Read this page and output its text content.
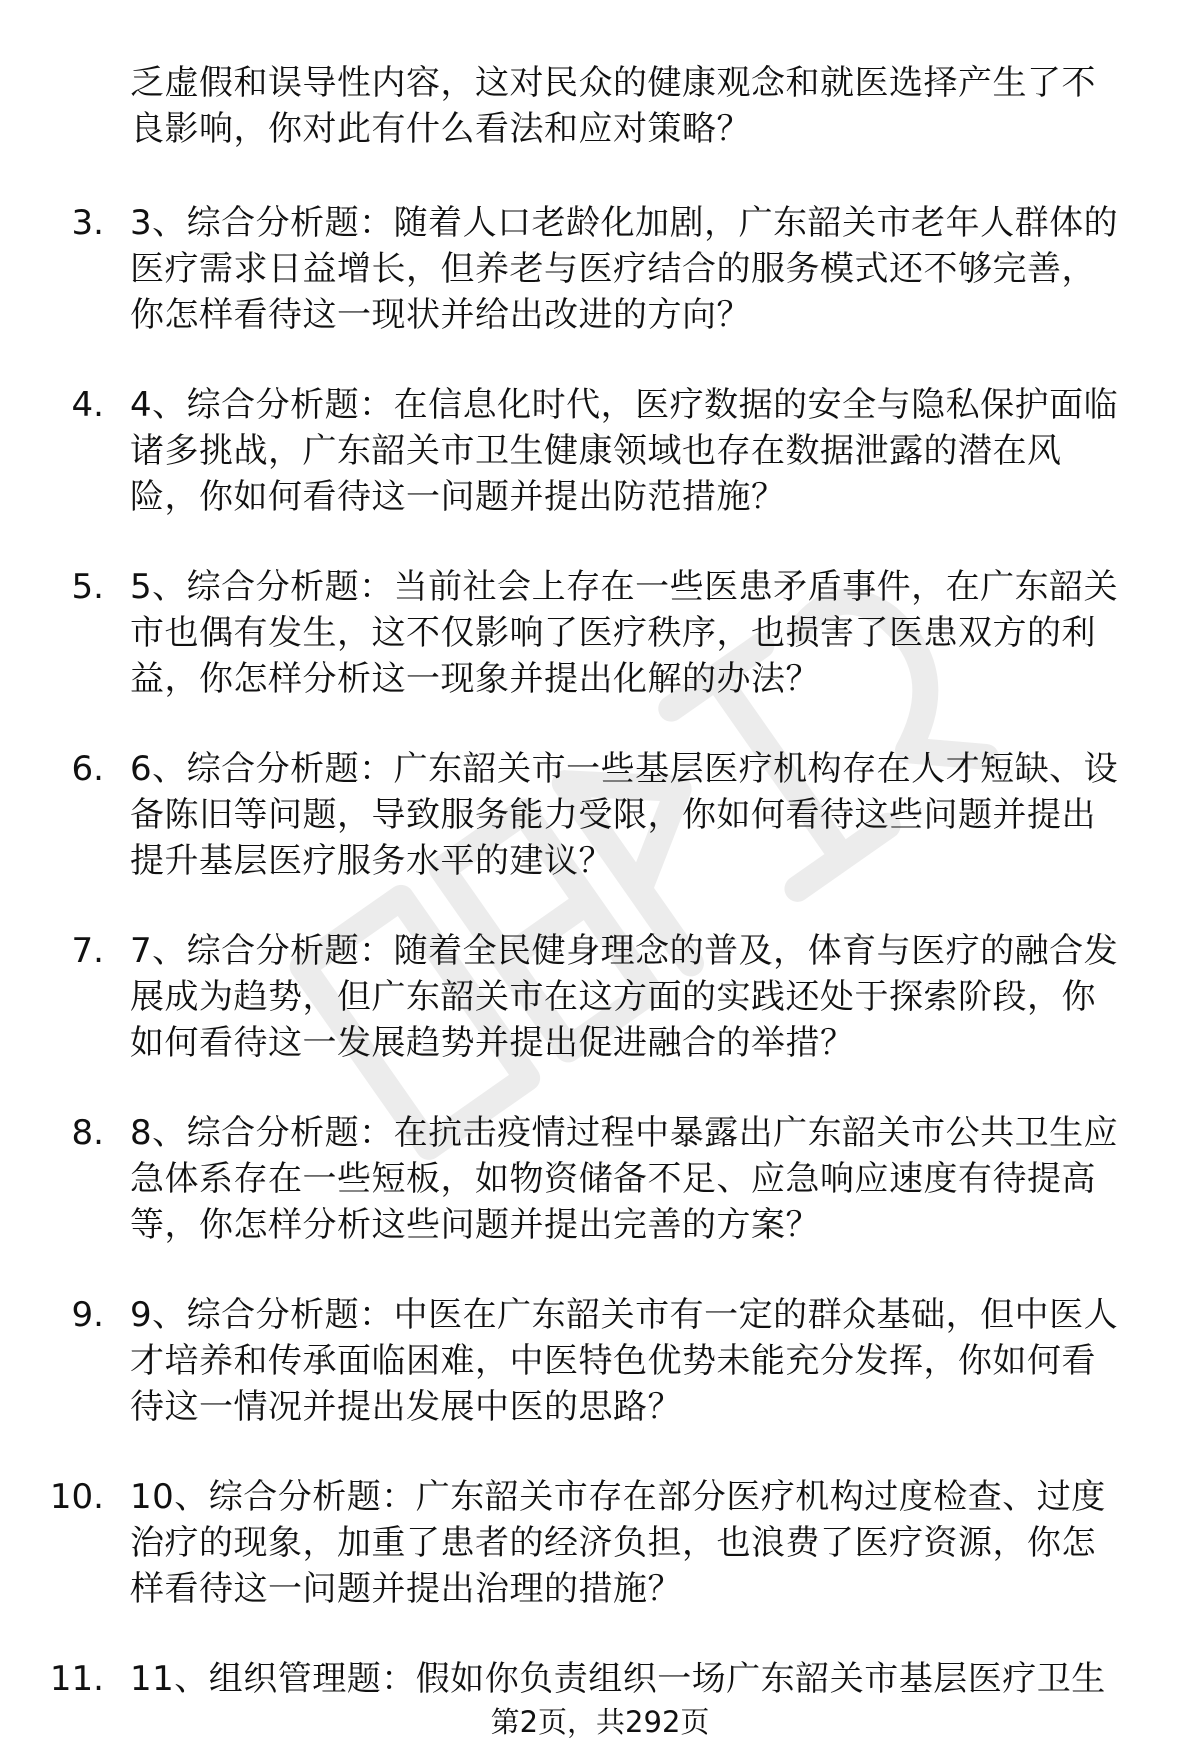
乏虚假和误导性内容，这对民众的健康观念和就医选择产生了不
良影响，你对此有什么看法和应对策略？
3. 3、综合分析题：随着人口老龄化加剧，广东韶关市老年人群体的
医疗需求日益增长，但养老与医疗结合的服务模式还不够完善，
你怎样看待这一现状并给出改进的方向？
4. 4、综合分析题：在信息化时代，医疗数据的安全与隐私保护面临
诸多挑战，广东韶关市卫生健康领域也存在数据泄露的潜在风
险，你如何看待这一问题并提出防范措施？
5. 5、综合分析题：当前社会上存在一些医患矛盾事件，在广东韶关
市也偶有发生，这不仅影响了医疗秩序，也损害了医患双方的利
益，你怎样分析这一现象并提出化解的办法？
6. 6、综合分析题：广东韶关市一些基层医疗机构存在人才短缺、设
备陈旧等问题，导致服务能力受限，你如何看待这些问题并提出
提升基层医疗服务水平的建议？
7. 7、综合分析题：随着全民健身理念的普及，体育与医疗的融合发
展成为趋势，但广东韶关市在这方面的实践还处于探索阶段，你
如何看待这一发展趋势并提出促进融合的举措？
8. 8、综合分析题：在抗击疫情过程中暴露出广东韶关市公共卫生应
急体系存在一些短板，如物资储备不足、应急响应速度有待提高
等，你怎样分析这些问题并提出完善的方案？
9. 9、综合分析题：中医在广东韶关市有一定的群众基础，但中医人
才培养和传承面临困难，中医特色优势未能充分发挥，你如何看
待这一情况并提出发展中医的思路？
10. 10、综合分析题：广东韶关市存在部分医疗机构过度检查、过度
治疗的现象，加重了患者的经济负担，也浪费了医疗资源，你怎
样看待这一问题并提出治理的措施？
11. 11、组织管理题：假如你负责组织一场广东韶关市基层医疗卫生
第2页，共292页
